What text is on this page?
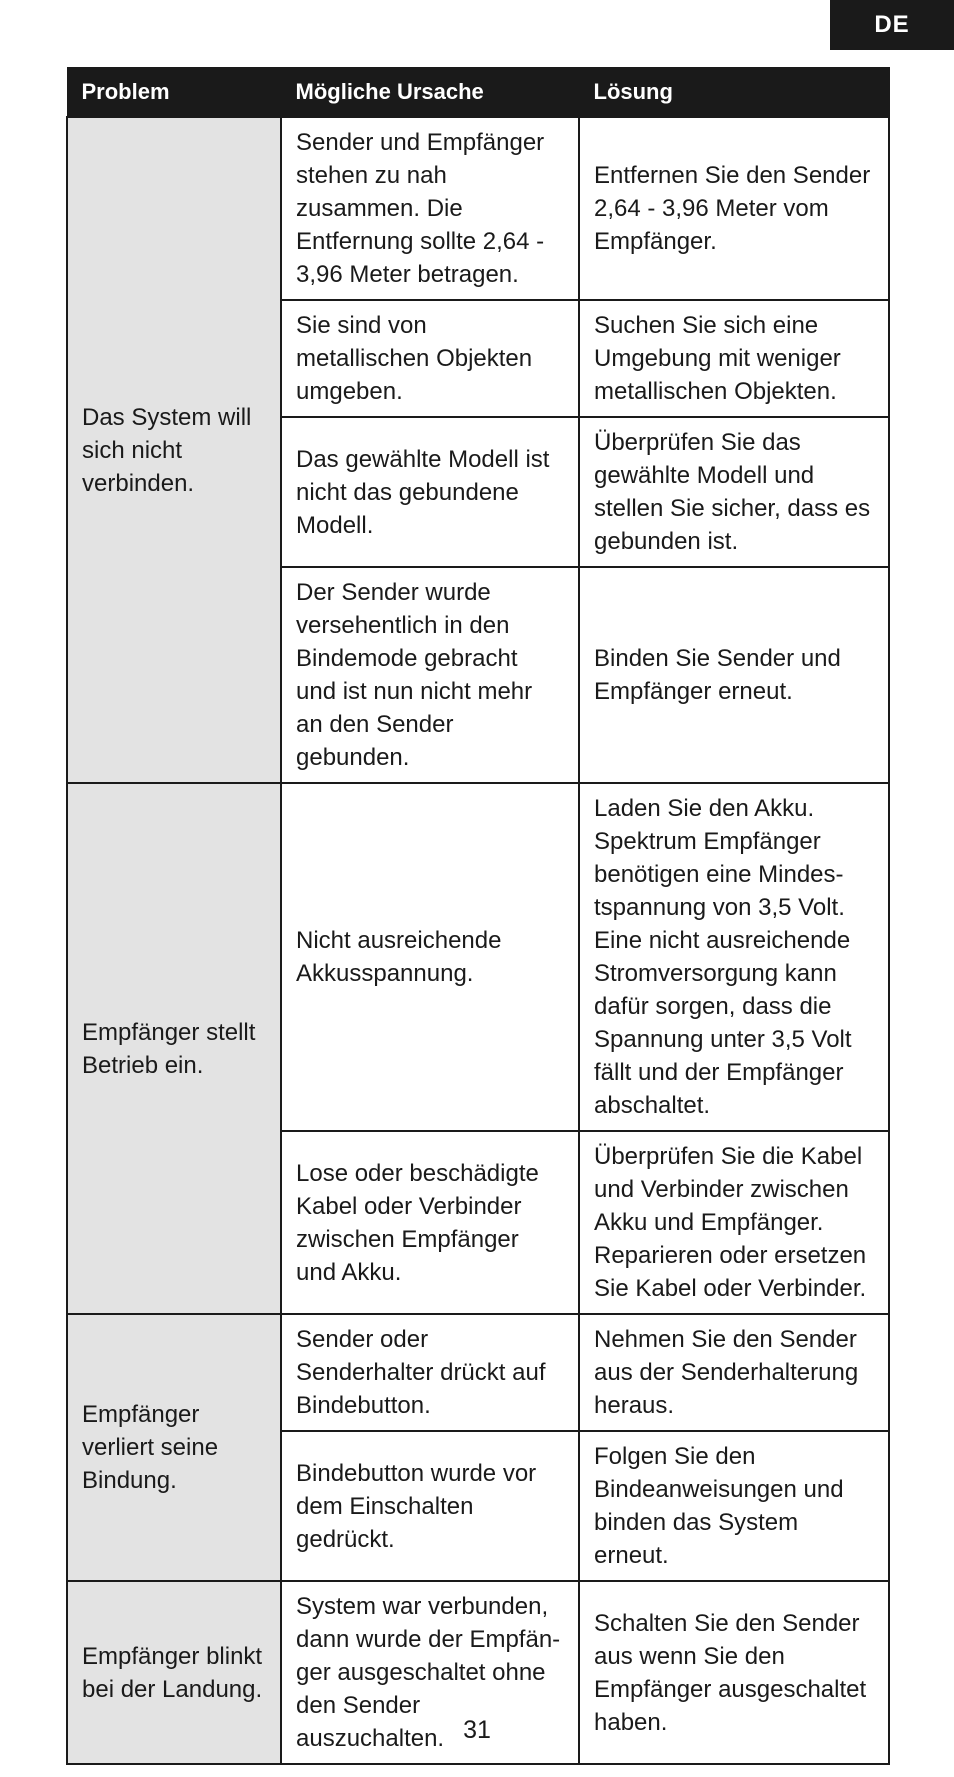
DE
Problem	Mögliche Ursache	Lösung
Das System will sich nicht verbinden.	Sender und Empfänger stehen zu nah zusammen. Die Entfernung sollte 2,64 - 3,96 Meter betragen.	Entfernen Sie den Sender 2,64 - 3,96 Meter vom Empfänger.
	Sie sind von metallischen Objekten umgeben.	Suchen Sie sich eine Umgebung mit weniger metallischen Objekten.
	Das gewählte Modell ist nicht das gebundene Modell.	Überprüfen Sie das gewählte Modell und stellen Sie sicher, dass es gebunden ist.
	Der Sender wurde versehentlich in den Bindemode gebracht und ist nun nicht mehr an den Sender gebunden.	Binden Sie Sender und Empfänger erneut.
Empfänger stellt Betrieb ein.	Nicht ausreichende Akkusspannung.	Laden Sie den Akku. Spektrum Empfänger benötigen eine Mindestspannung von 3,5 Volt. Eine nicht ausreichende Stromversorgung kann dafür sorgen, dass die Spannung unter 3,5 Volt fällt und der Empfänger abschaltet.
	Lose oder beschädigte Kabel oder Verbinder zwischen Empfänger und Akku.	Überprüfen Sie die Kabel und Verbinder zwischen Akku und Empfänger. Reparieren oder ersetzen Sie Kabel oder Verbinder.
Empfänger verliert seine Bindung.	Sender oder Senderhalter drückt auf Bindebutton.	Nehmen Sie den Sender aus der Senderhalterung heraus.
	Bindebutton wurde vor dem Einschalten gedrückt.	Folgen Sie den Bindeanweisungen und binden das System erneut.
Empfänger blinkt bei der Landung.	System war verbunden, dann wurde der Empfänger ausgeschaltet ohne den Sender auszuchalten.	Schalten Sie den Sender aus wenn Sie den Empfänger ausgeschaltet haben.
31
